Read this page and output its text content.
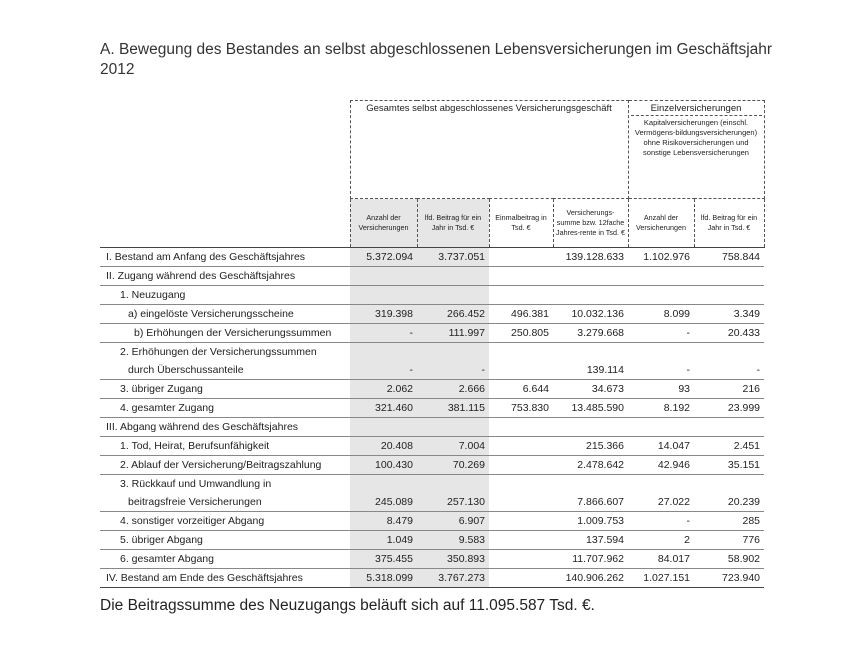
A. Bewegung des Bestandes an selbst abgeschlossenen Lebensversicherungen im Geschäftsjahr 2012
	Gesamtes selbst abgeschlossenes Versicherungsgeschäft				Einzelversicherungen
Kapitalversicherungen (einschl. Vermögens-bildungsversicherungen) ohne Risikoversicherungen und sonstige Lebensversicherungen	

	Anzahl der Versicherungen	lfd. Beitrag für ein Jahr in Tsd. €	Einmalbeitrag in Tsd. €	Versicherungs-summe bzw. 12fache Jahres-rente in Tsd. €	Anzahl der Versicherungen	lfd. Beitrag für ein Jahr in Tsd. €
I. Bestand am Anfang des Geschäftsjahres	5.372.094	3.737.051		139.128.633	1.102.976	758.844
II. Zugang während des Geschäftsjahres						
1. Neuzugang						
a) eingelöste Versicherungsscheine	319.398	266.452	496.381	10.032.136	8.099	3.349
b) Erhöhungen der Versicherungssummen	-	111.997	250.805	3.279.668	-	20.433
2. Erhöhungen der Versicherungssummen						
durch Überschussanteile	-	-		139.114	-	-
3. übriger Zugang	2.062	2.666	6.644	34.673	93	216
4. gesamter Zugang	321.460	381.115	753.830	13.485.590	8.192	23.999
III. Abgang während des Geschäftsjahres						
1. Tod, Heirat, Berufsunfähigkeit	20.408	7.004		215.366	14.047	2.451
2. Ablauf der Versicherung/Beitragszahlung	100.430	70.269		2.478.642	42.946	35.151
3. Rückkauf und Umwandlung in						
beitragsfreie Versicherungen	245.089	257.130		7.866.607	27.022	20.239
4. sonstiger vorzeitiger Abgang	8.479	6.907		1.009.753	-	285
5. übriger Abgang	1.049	9.583		137.594	2	776
6. gesamter Abgang	375.455	350.893		11.707.962	84.017	58.902
IV. Bestand am Ende des Geschäftsjahres	5.318.099	3.767.273		140.906.262	1.027.151	723.940
Die Beitragssumme des Neuzugangs beläuft sich auf 11.095.587 Tsd. €.
